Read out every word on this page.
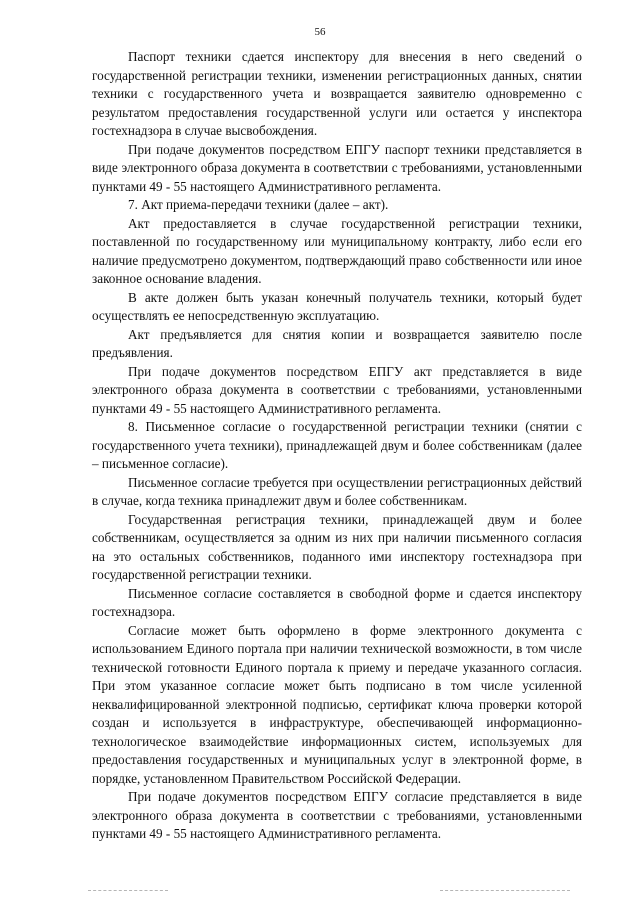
56

Паспорт техники сдается инспектору для внесения в него сведений о государственной регистрации техники, изменении регистрационных данных, снятии техники с государственного учета и возвращается заявителю одновременно с результатом предоставления государственной услуги или остается у инспектора гостехнадзора в случае высвобождения.

При подаче документов посредством ЕПГУ паспорт техники представляется в виде электронного образа документа в соответствии с требованиями, установленными пунктами 49 - 55 настоящего Административного регламента.

7. Акт приема-передачи техники (далее – акт).

Акт предоставляется в случае государственной регистрации техники, поставленной по государственному или муниципальному контракту, либо если его наличие предусмотрено документом, подтверждающий право собственности или иное законное основание владения.

В акте должен быть указан конечный получатель техники, который будет осуществлять ее непосредственную эксплуатацию.

Акт предъявляется для снятия копии и возвращается заявителю после предъявления.

При подаче документов посредством ЕПГУ акт представляется в виде электронного образа документа в соответствии с требованиями, установленными пунктами 49 - 55 настоящего Административного регламента.

8. Письменное согласие о государственной регистрации техники (снятии с государственного учета техники), принадлежащей двум и более собственникам (далее – письменное согласие).

Письменное согласие требуется при осуществлении регистрационных действий в случае, когда техника принадлежит двум и более собственникам.

Государственная регистрация техники, принадлежащей двум и более собственникам, осуществляется за одним из них при наличии письменного согласия на это остальных собственников, поданного ими инспектору гостехнадзора при государственной регистрации техники.

Письменное согласие составляется в свободной форме и сдается инспектору гостехнадзора.

Согласие может быть оформлено в форме электронного документа с использованием Единого портала при наличии технической возможности, в том числе технической готовности Единого портала к приему и передаче указанного согласия. При этом указанное согласие может быть подписано в том числе усиленной неквалифицированной электронной подписью, сертификат ключа проверки которой создан и используется в инфраструктуре, обеспечивающей информационно-технологическое взаимодействие информационных систем, используемых для предоставления государственных и муниципальных услуг в электронной форме, в порядке, установленном Правительством Российской Федерации.

При подаче документов посредством ЕПГУ согласие представляется в виде электронного образа документа в соответствии с требованиями, установленными пунктами 49 - 55 настоящего Административного регламента.
